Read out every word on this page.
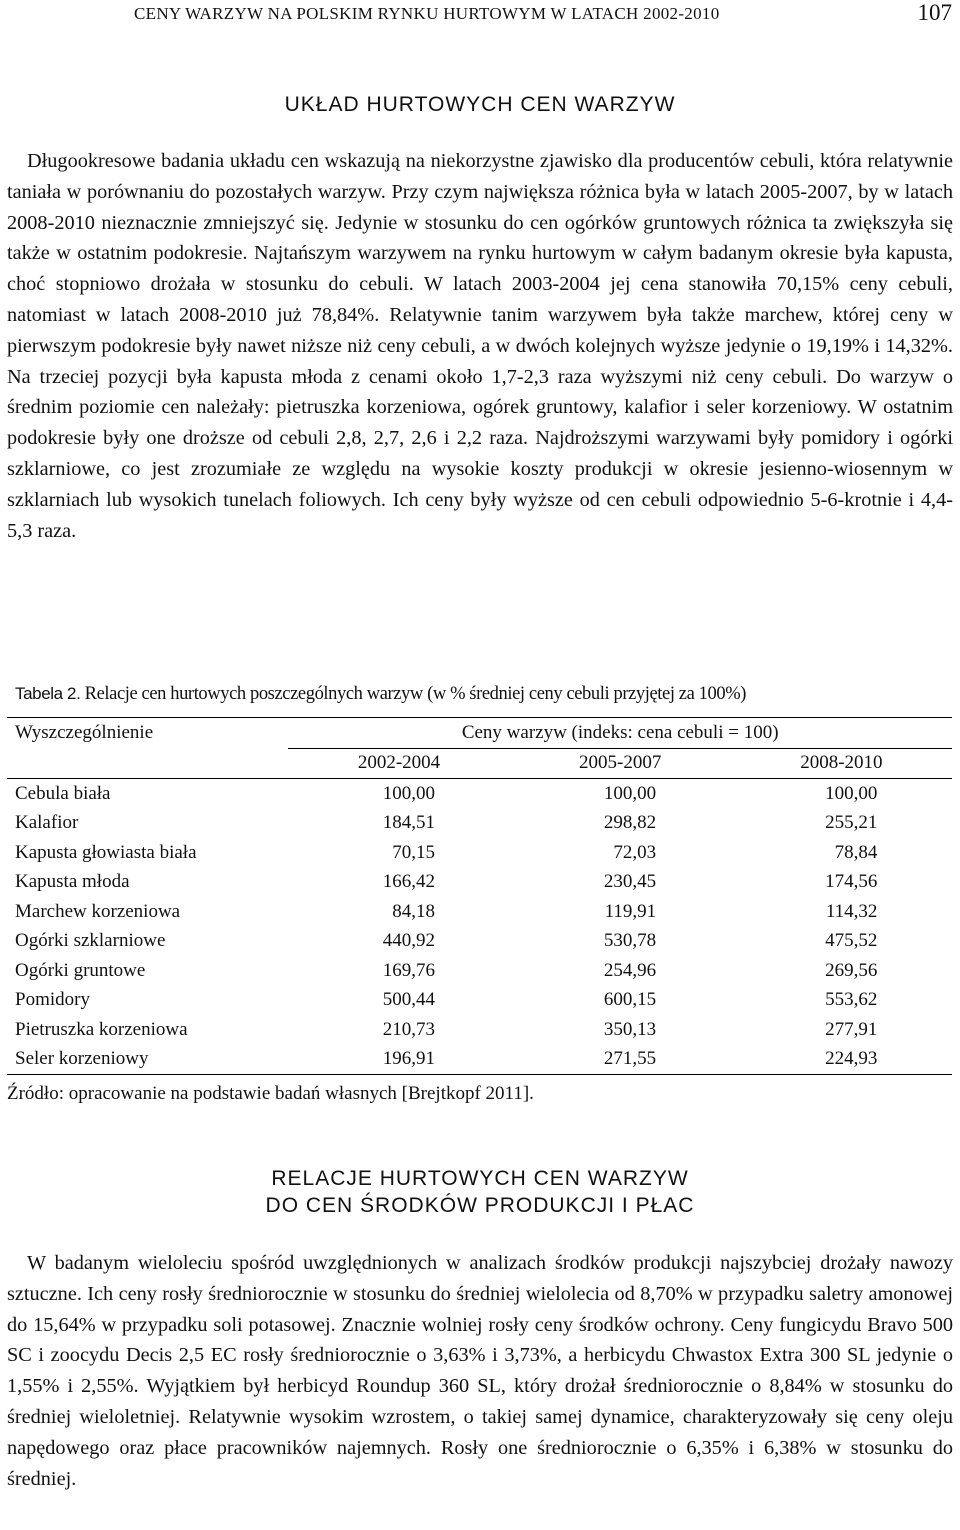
CENY WARZYW NA POLSKIM RYNKU HURTOWYM W LATACH 2002-2010	107
UKŁAD HURTOWYCH CEN WARZYW

Długookresowe badania układu cen wskazują na niekorzystne zjawisko dla producentów cebuli, która relatywnie taniała w porównaniu do pozostałych warzyw. Przy czym największa różnica była w latach 2005-2007, by w latach 2008-2010 nieznacznie zmniejszyć się. Jedynie w stosunku do cen ogórków gruntowych różnica ta zwiększyła się także w ostatnim podokresie. Najtańszym warzywem na rynku hurtowym w całym badanym okresie była kapusta, choć stopniowo drożała w stosunku do cebuli. W latach 2003-2004 jej cena stanowiła 70,15% ceny cebuli, natomiast w latach 2008-2010 już 78,84%. Relatywnie tanim warzywem była także marchew, której ceny w pierwszym podokresie były nawet niższe niż ceny cebuli, a w dwóch kolejnych wyższe jedynie o 19,19% i 14,32%. Na trzeciej pozycji była kapusta młoda z cenami około 1,7-2,3 raza wyższymi niż ceny cebuli. Do warzyw o średnim poziomie cen należały: pietruszka korzeniowa, ogórek gruntowy, kalafior i seler korzeniowy. W ostatnim podokresie były one droższe od cebuli 2,8, 2,7, 2,6 i 2,2 raza. Najdroższymi warzywami były pomidory i ogórki szklarniowe, co jest zrozumiałe ze względu na wysokie koszty produkcji w okresie jesienno-wiosennym w szklarniach lub wysokich tunelach foliowych. Ich ceny były wyższe od cen cebuli odpowiednio 5-6-krotnie i 4,4-5,3 raza.

Tabela 2. Relacje cen hurtowych poszczególnych warzyw (w % średniej ceny cebuli przyjętej za 100%)
Wyszczególnienie	Ceny warzyw (indeks: cena cebuli = 100)		
	2002-2004	2005-2007	2008-2010
Cebula biała	100,00	100,00	100,00
Kalafior	184,51	298,82	255,21
Kapusta głowiasta biała	70,15	72,03	78,84
Kapusta młoda	166,42	230,45	174,56
Marchew korzeniowa	84,18	119,91	114,32
Ogórki szklarniowe	440,92	530,78	475,52
Ogórki gruntowe	169,76	254,96	269,56
Pomidory	500,44	600,15	553,62
Pietruszka korzeniowa	210,73	350,13	277,91
Seler korzeniowy	196,91	271,55	224,93
Źródło: opracowanie na podstawie badań własnych [Brejtkopf 2011].
RELACJE HURTOWYCH CEN WARZYW
DO CEN ŚRODKÓW PRODUKCJI I PŁAC

W badanym wieloleciu spośród uwzględnionych w analizach środków produkcji najszybciej drożały nawozy sztuczne. Ich ceny rosły średniorocznie w stosunku do średniej wielolecia od 8,70% w przypadku saletry amonowej do 15,64% w przypadku soli potasowej. Znacznie wolniej rosły ceny środków ochrony. Ceny fungicydu Bravo 500 SC i zoocydu Decis 2,5 EC rosły średniorocznie o 3,63% i 3,73%, a herbicydu Chwastox Extra 300 SL jedynie o 1,55% i 2,55%. Wyjątkiem był herbicyd Roundup 360 SL, który drożał średniorocznie o 8,84% w stosunku do średniej wieloletniej. Relatywnie wysokim wzrostem, o takiej samej dynamice, charakteryzowały się ceny oleju napędowego oraz płace pracowników najemnych. Rosły one średniorocznie o 6,35% i 6,38% w stosunku do średniej.
